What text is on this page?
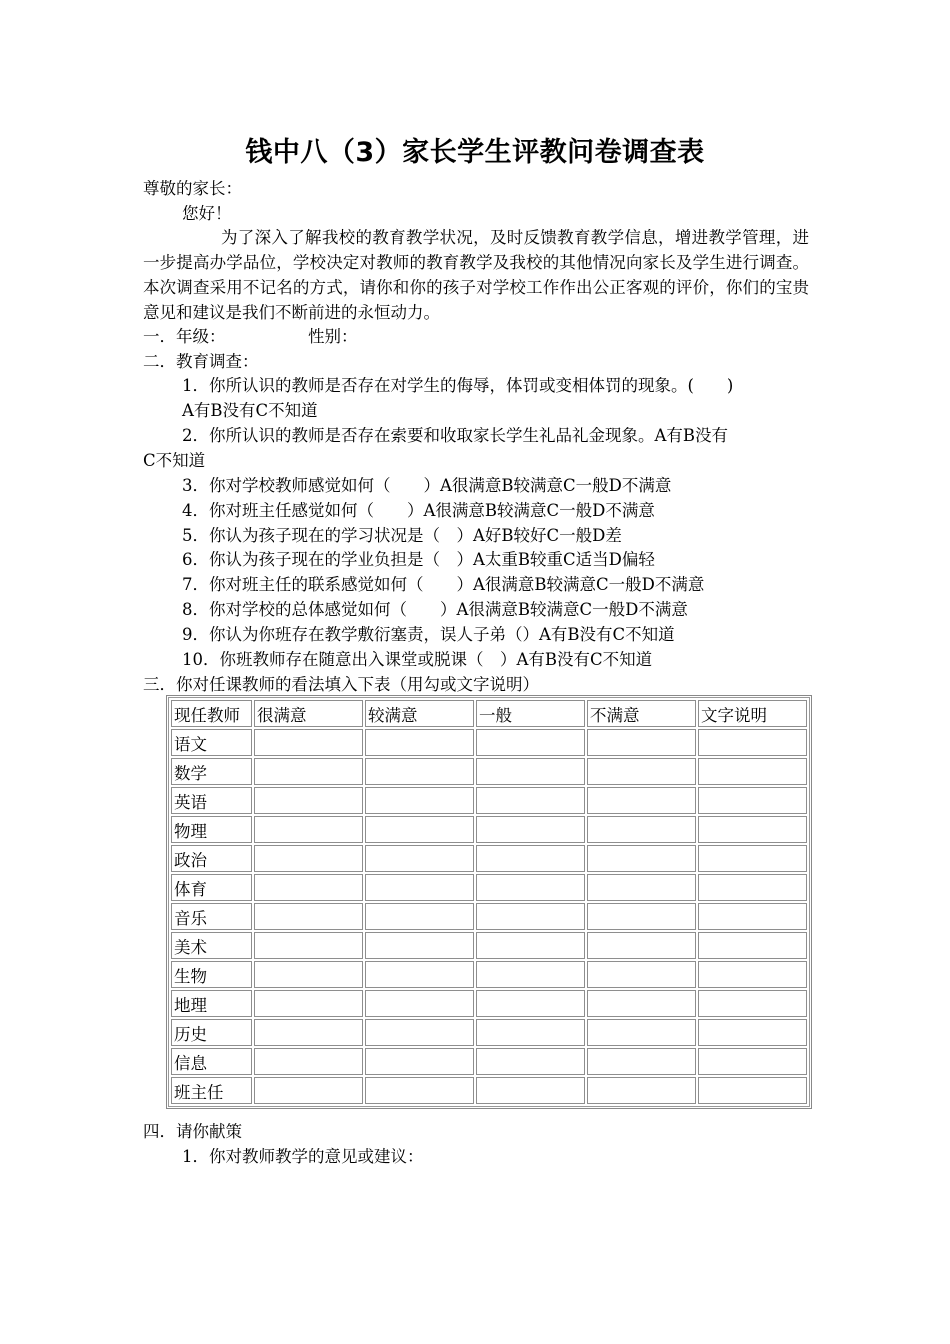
钱中八（3）家长学生评教问卷调查表
尊敬的家长：
您好！
为了深入了解我校的教育教学状况，及时反馈教育教学信息，增进教学管理，进一步提高办学品位，学校决定对教师的教育教学及我校的其他情况向家长及学生进行调查。本次调查采用不记名的方式，请你和你的孩子对学校工作作出公正客观的评价，你们的宝贵意见和建议是我们不断前进的永恒动力。
一．年级：	性别：
二．教育调查：
1．你所认识的教师是否存在对学生的侮辱，体罚或变相体罚的现象。(　　)
A有B没有C不知道
2．你所认识的教师是否存在索要和收取家长学生礼品礼金现象。A有B没有
C不知道
3．你对学校教师感觉如何（　　）A很满意B较满意C一般D不满意
4．你对班主任感觉如何（　　）A很满意B较满意C一般D不满意
5．你认为孩子现在的学习状况是（　）A好B较好C一般D差
6．你认为孩子现在的学业负担是（　）A太重B较重C适当D偏轻
7．你对班主任的联系感觉如何（　　）A很满意B较满意C一般D不满意
8．你对学校的总体感觉如何（　　）A很满意B较满意C一般D不满意
9．你认为你班存在教学敷衍塞责，误人子弟（）A有B没有C不知道
10．你班教师存在随意出入课堂或脱课（　）A有B没有C不知道
三．你对任课教师的看法填入下表（用勾或文字说明）
现任教师	很满意	较满意	一般	不满意	文字说明
语文					
数学					
英语					
物理					
政治					
体育					
音乐					
美术					
生物					
地理					
历史					
信息					
班主任					
四．请你献策
1．你对教师教学的意见或建议：
